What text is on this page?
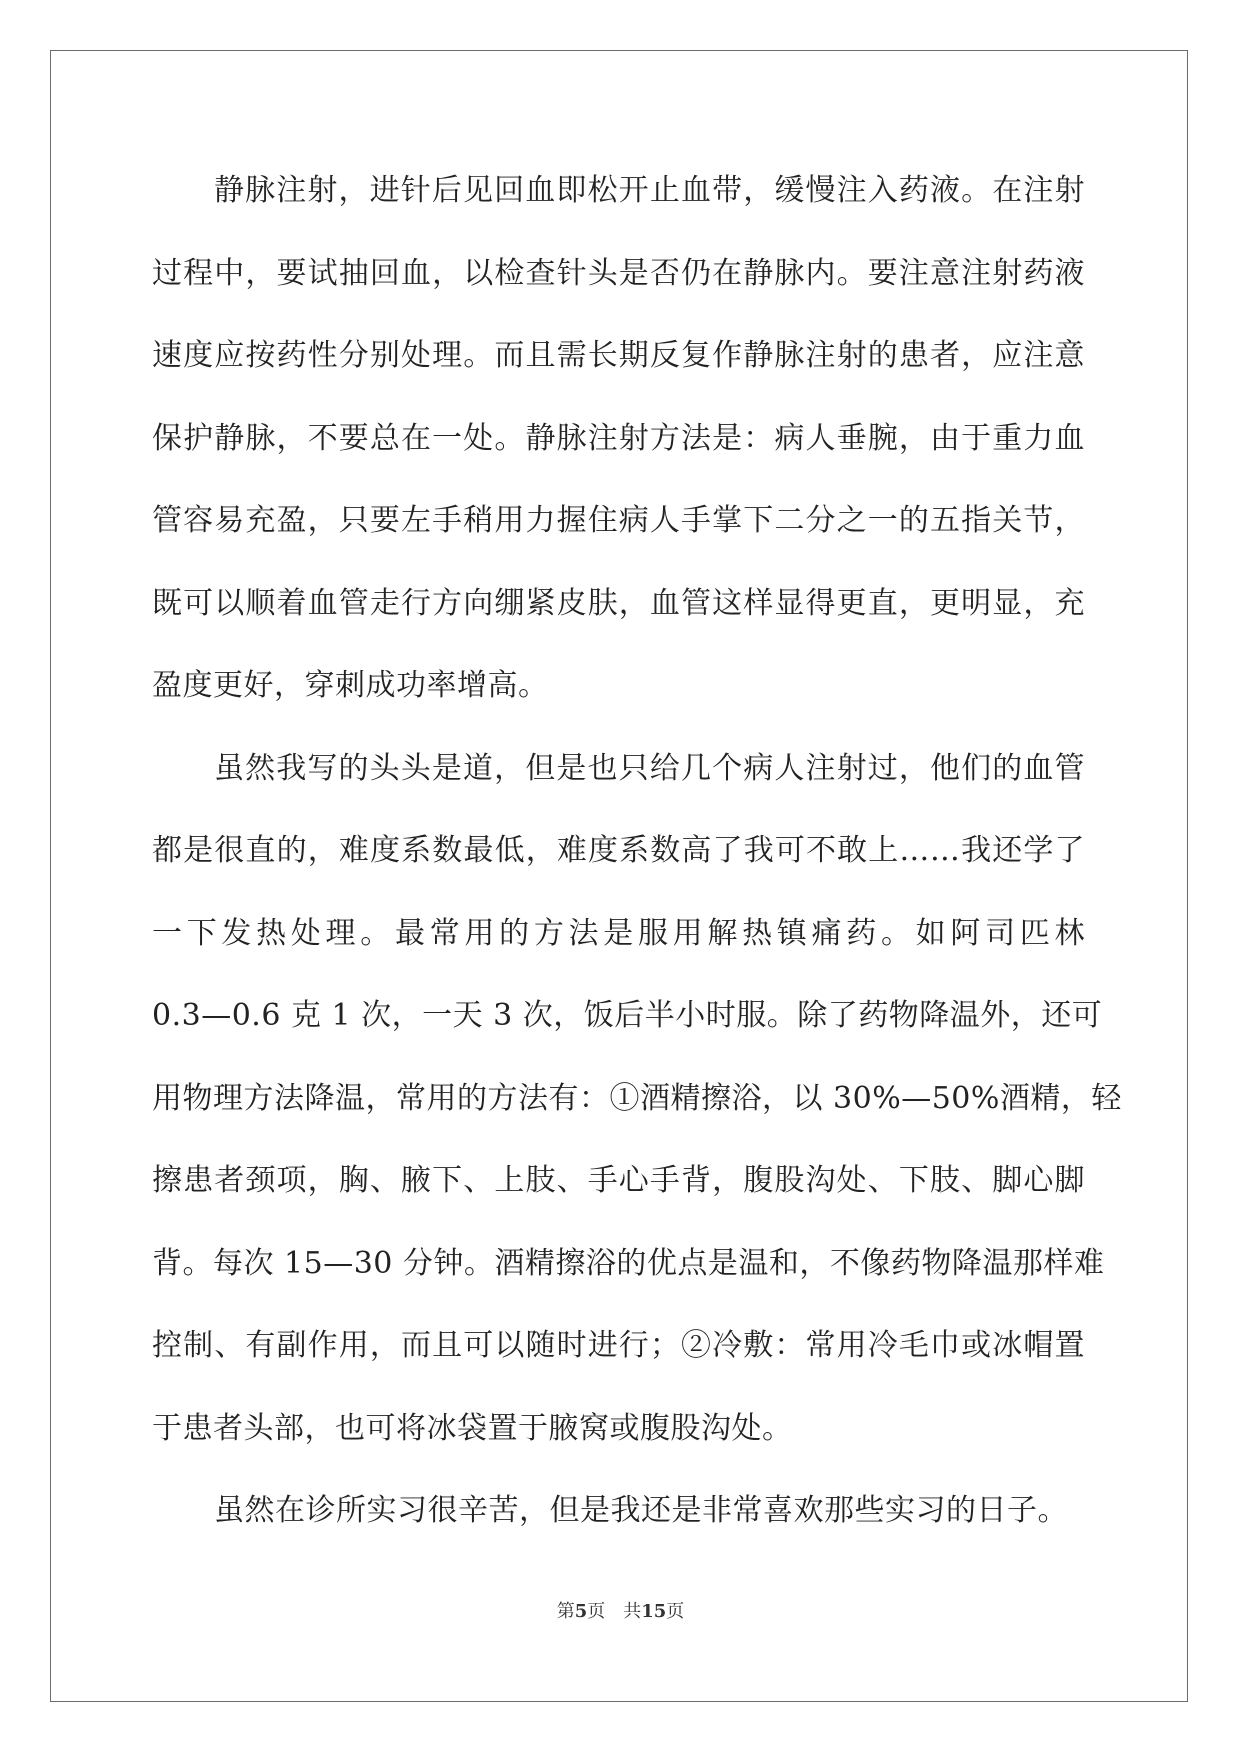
静脉注射，进针后见回血即松开止血带，缓慢注入药液。在注射
过程中，要试抽回血，以检查针头是否仍在静脉内。要注意注射药液
速度应按药性分别处理。而且需长期反复作静脉注射的患者，应注意
保护静脉，不要总在一处。静脉注射方法是：病人垂腕，由于重力血
管容易充盈，只要左手稍用力握住病人手掌下二分之一的五指关节，
既可以顺着血管走行方向绷紧皮肤，血管这样显得更直，更明显，充
盈度更好，穿刺成功率增高。
虽然我写的头头是道，但是也只给几个病人注射过，他们的血管
都是很直的，难度系数最低，难度系数高了我可不敢上……我还学了
一下发热处理。最常用的方法是服用解热镇痛药。如阿司匹林
0.3—0.6 克 1 次，一天 3 次，饭后半小时服。除了药物降温外，还可
用物理方法降温，常用的方法有：①酒精擦浴，以 30%—50%酒精，轻
擦患者颈项，胸、腋下、上肢、手心手背，腹股沟处、下肢、脚心脚
背。每次 15—30 分钟。酒精擦浴的优点是温和，不像药物降温那样难
控制、有副作用，而且可以随时进行；②冷敷：常用冷毛巾或冰帽置
于患者头部，也可将冰袋置于腋窝或腹股沟处。
虽然在诊所实习很辛苦，但是我还是非常喜欢那些实习的日子。
第5页 共15页
